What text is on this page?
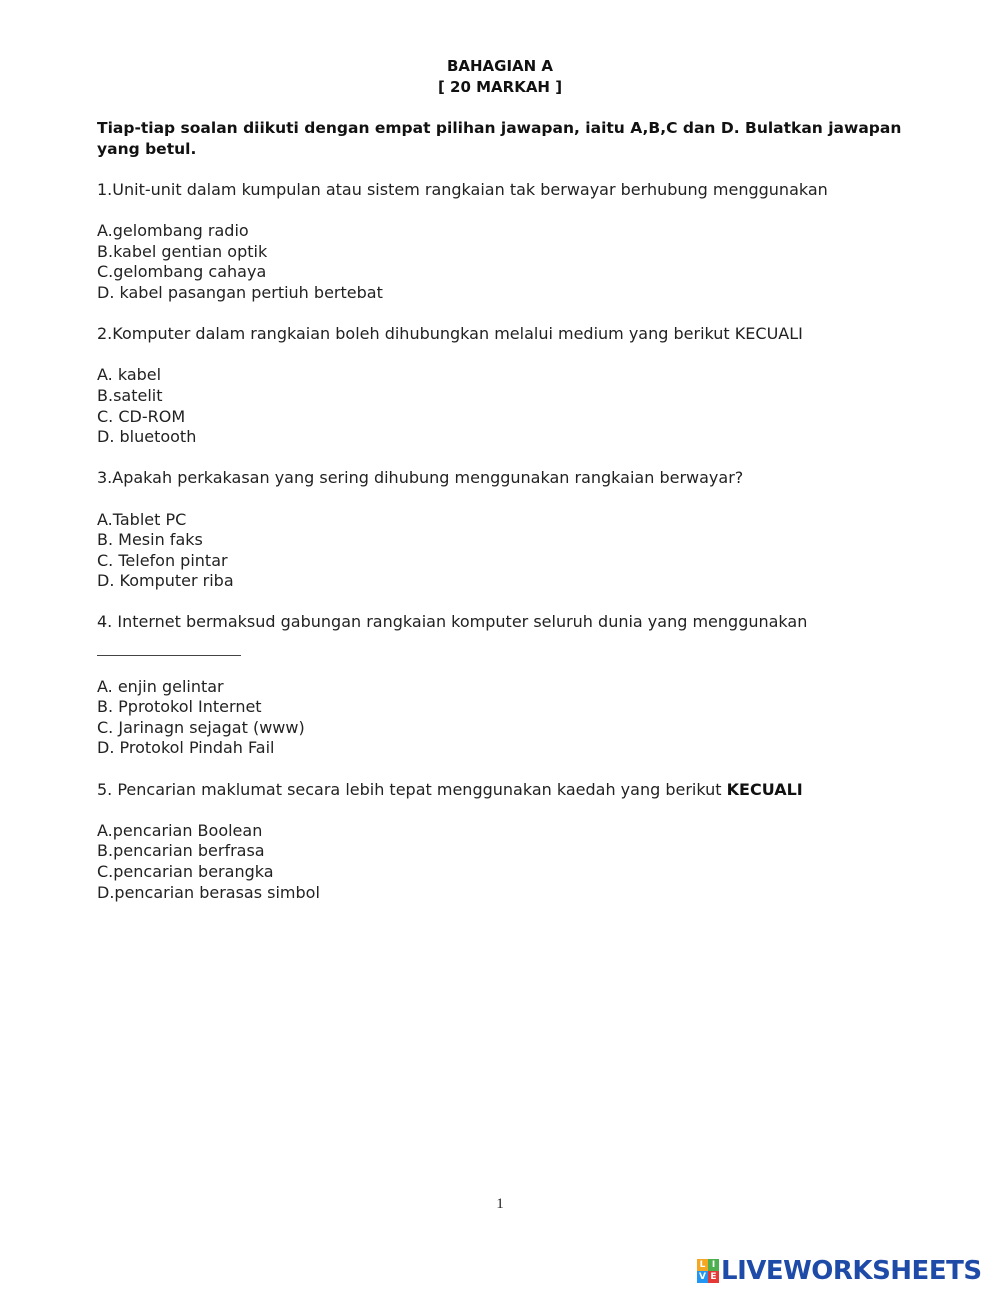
BAHAGIAN A
[ 20 MARKAH ]
Tiap-tiap soalan diikuti dengan empat pilihan jawapan, iaitu A,B,C dan D. Bulatkan jawapan yang betul.

1.Unit-unit dalam kumpulan atau sistem rangkaian tak berwayar berhubung menggunakan

A.gelombang radio
B.kabel gentian optik
C.gelombang cahaya
D. kabel pasangan pertiuh bertebat

2.Komputer dalam rangkaian boleh dihubungkan melalui medium yang berikut KECUALI

A. kabel
B.satelit
C. CD-ROM
D. bluetooth

3.Apakah perkakasan yang sering dihubung menggunakan rangkaian berwayar?

A.Tablet PC
B. Mesin faks
C. Telefon pintar
D. Komputer riba

4. Internet bermaksud gabungan rangkaian komputer seluruh dunia yang menggunakan

A. enjin gelintar
B. Pprotokol Internet
C. Jarinagn sejagat (www)
D. Protokol Pindah Fail

5. Pencarian maklumat secara lebih tepat menggunakan kaedah yang berikut KECUALI

A.pencarian Boolean
B.pencarian berfrasa
C.pencarian berangka
D.pencarian berasas simbol
1
L I
V E LIVEWORKSHEETS
